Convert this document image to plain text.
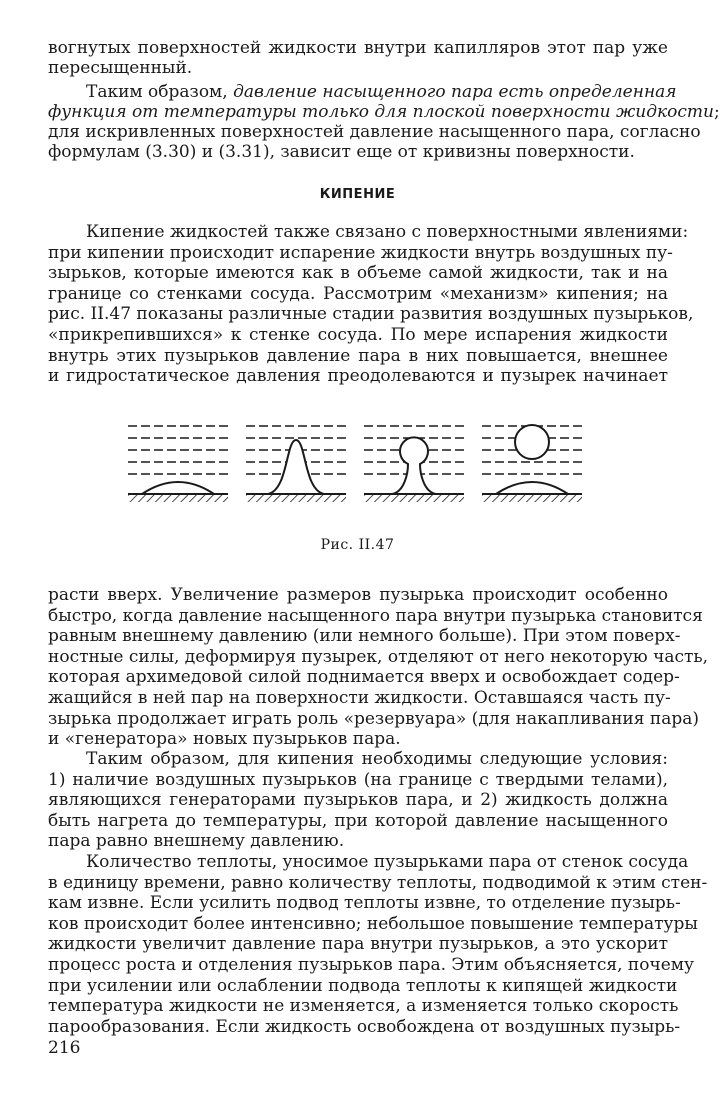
вогнутых поверхностей жидкости внутри капилляров этот пар уже
пересыщенный.
Таким образом, давление насыщенного пара есть определенная
функция от температуры только для плоской поверхности жидкости;
для искривленных поверхностей давление насыщенного пара, согласно
формулам (3.30) и (3.31), зависит еще от кривизны поверхности.
КИПЕНИЕ
Кипение жидкостей также связано с поверхностными явлениями:
при кипении происходит испарение жидкости внутрь воздушных пу-
зырьков, которые имеются как в объеме самой жидкости, так и на
границе со стенками сосуда. Рассмотрим «механизм» кипения; на
рис. II.47 показаны различные стадии развития воздушных пузырьков,
«прикрепившихся» к стенке сосуда. По мере испарения жидкости
внутрь этих пузырьков давление пара в них повышается, внешнее
и гидростатическое давления преодолеваются и пузырек начинает
Рис. II.47
расти вверх. Увеличение размеров пузырька происходит особенно
быстро, когда давление насыщенного пара внутри пузырька становится
равным внешнему давлению (или немного больше). При этом поверх-
ностные силы, деформируя пузырек, отделяют от него некоторую часть,
которая архимедовой силой поднимается вверх и освобождает содер-
жащийся в ней пар на поверхности жидкости. Оставшаяся часть пу-
зырька продолжает играть роль «резервуара» (для накапливания пара)
и «генератора» новых пузырьков пара.
Таким образом, для кипения необходимы следующие условия:
1) наличие воздушных пузырьков (на границе с твердыми телами),
являющихся генераторами пузырьков пара, и 2) жидкость должна
быть нагрета до температуры, при которой давление насыщенного
пара равно внешнему давлению.
Количество теплоты, уносимое пузырьками пара от стенок сосуда
в единицу времени, равно количеству теплоты, подводимой к этим стен-
кам извне. Если усилить подвод теплоты извне, то отделение пузырь-
ков происходит более интенсивно; небольшое повышение температуры
жидкости увеличит давление пара внутри пузырьков, а это ускорит
процесс роста и отделения пузырьков пара. Этим объясняется, почему
при усилении или ослаблении подвода теплоты к кипящей жидкости
температура жидкости не изменяется, а изменяется только скорость
парообразования. Если жидкость освобождена от воздушных пузырь-
216
